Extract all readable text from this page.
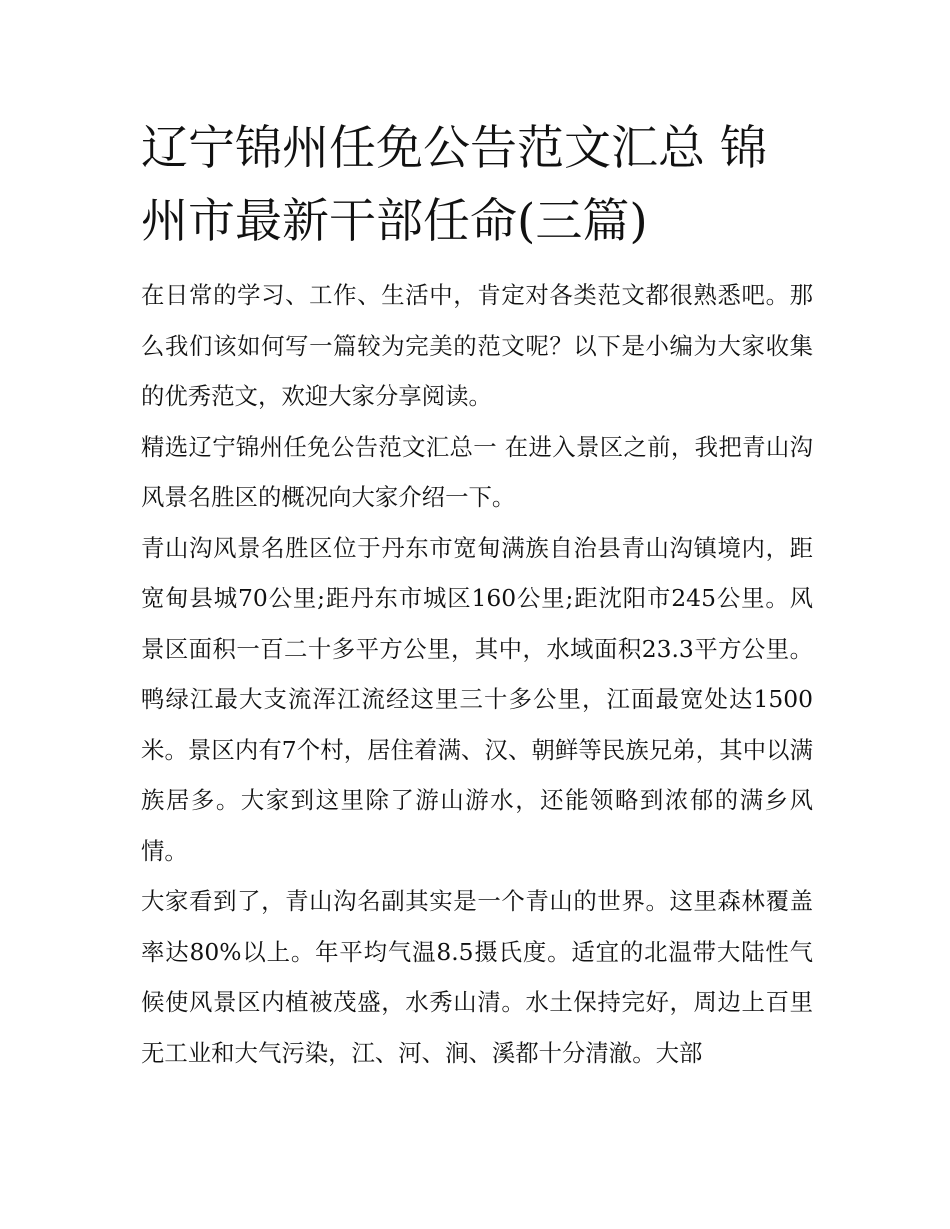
辽宁锦州任免公告范文汇总 锦州市最新干部任命(三篇)

在日常的学习、工作、生活中，肯定对各类范文都很熟悉吧。那么我们该如何写一篇较为完美的范文呢？以下是小编为大家收集的优秀范文，欢迎大家分享阅读。

精选辽宁锦州任免公告范文汇总一 在进入景区之前，我把青山沟风景名胜区的概况向大家介绍一下。

青山沟风景名胜区位于丹东市宽甸满族自治县青山沟镇境内，距宽甸县城70公里;距丹东市城区160公里;距沈阳市245公里。风景区面积一百二十多平方公里，其中，水域面积23.3平方公里。鸭绿江最大支流浑江流经这里三十多公里，江面最宽处达1500米。景区内有7个村，居住着满、汉、朝鲜等民族兄弟，其中以满族居多。大家到这里除了游山游水，还能领略到浓郁的满乡风情。

大家看到了，青山沟名副其实是一个青山的世界。这里森林覆盖率达80%以上。年平均气温8.5摄氏度。适宜的北温带大陆性气候使风景区内植被茂盛，水秀山清。水土保持完好，周边上百里无工业和大气污染，江、河、涧、溪都十分清澈。大部
